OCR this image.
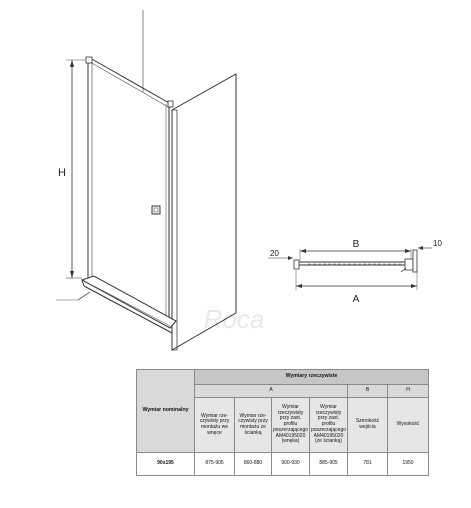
H
Roca
B
A
20
10
Wymiar nominalny	Wymiary rzeczywiste					
	A				B	H

	Wymiar rze-czywisty przy montażu we wnęce	Wymiar rze-czywisty przy montażu ze ścianką	Wymiar rzeczywisty przy zast. profilu poszerzającego AM40195020 (wnęka)	Wymiar rzeczywisty przy zast. profilu poszerzającego AM40195020 (ze ścianką)	Szerokość wejścia	Wysokość

90x195	875-905	860-880	900-930	885-905	781	1950
